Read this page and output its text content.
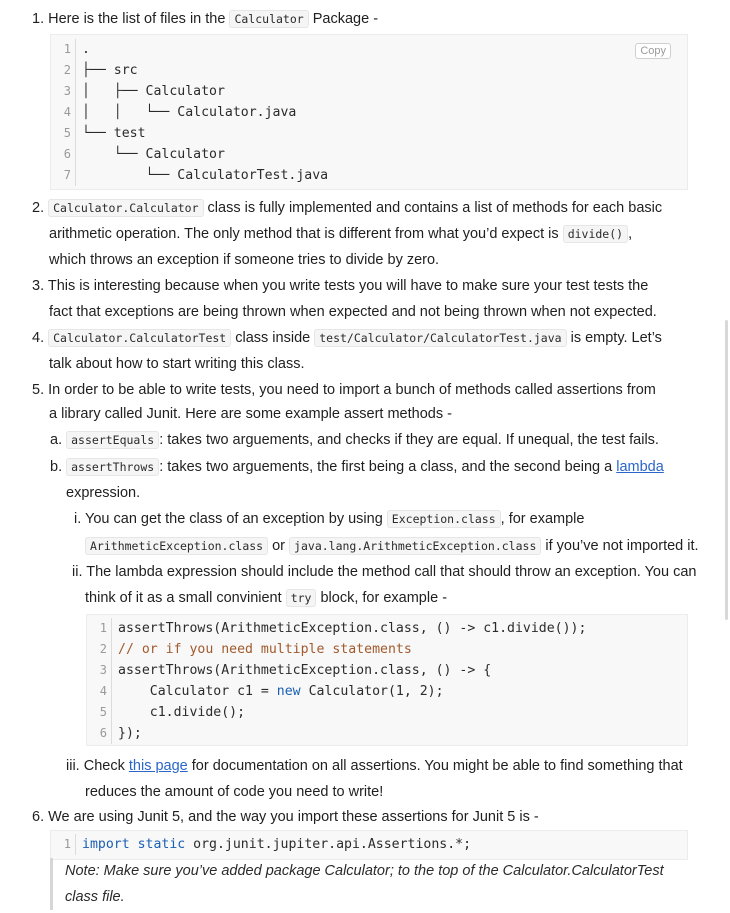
1. Here is the list of files in the Calculator Package -
Copy
1 .
2 ├── src
3 │   ├── Calculator
4 │   │   └── Calculator.java
5 └── test
6    └── Calculator
7        └── CalculatorTest.java
2. Calculator.Calculator class is fully implemented and contains a list of methods for each basic
arithmetic operation. The only method that is different from what you’d expect is divide() ,
which throws an exception if someone tries to divide by zero.
3. This is interesting because when you write tests you will have to make sure your test tests the
fact that exceptions are being thrown when expected and not being thrown when not expected.
4. Calculator.CalculatorTest class inside test/Calculator/CalculatorTest.java is empty. Let’s
talk about how to start writing this class.
5. In order to be able to write tests, you need to import a bunch of methods called assertions from
a library called Junit. Here are some example assert methods -
a. assertEquals : takes two arguements, and checks if they are equal. If unequal, the test fails.
b. assertThrows : takes two arguements, the first being a class, and the second being a lambda
expression.
i. You can get the class of an exception by using Exception.class , for example
ArithmeticException.class or java.lang.ArithmeticException.class if you’ve not imported it.
ii. The lambda expression should include the method call that should throw an exception. You can
think of it as a small convinient try block, for example -
1 assertThrows(ArithmeticException.class, () -> c1.divide());
2 // or if you need multiple statements
3 assertThrows(ArithmeticException.class, () -> {
4    Calculator c1 = new Calculator(1, 2);
5    c1.divide();
6 });
iii. Check this page for documentation on all assertions. You might be able to find something that
reduces the amount of code you need to write!
6. We are using Junit 5, and the way you import these assertions for Junit 5 is -
1 import static org.junit.jupiter.api.Assertions.*;
Note: Make sure you’ve added package Calculator; to the top of the Calculator.CalculatorTest
class file.
